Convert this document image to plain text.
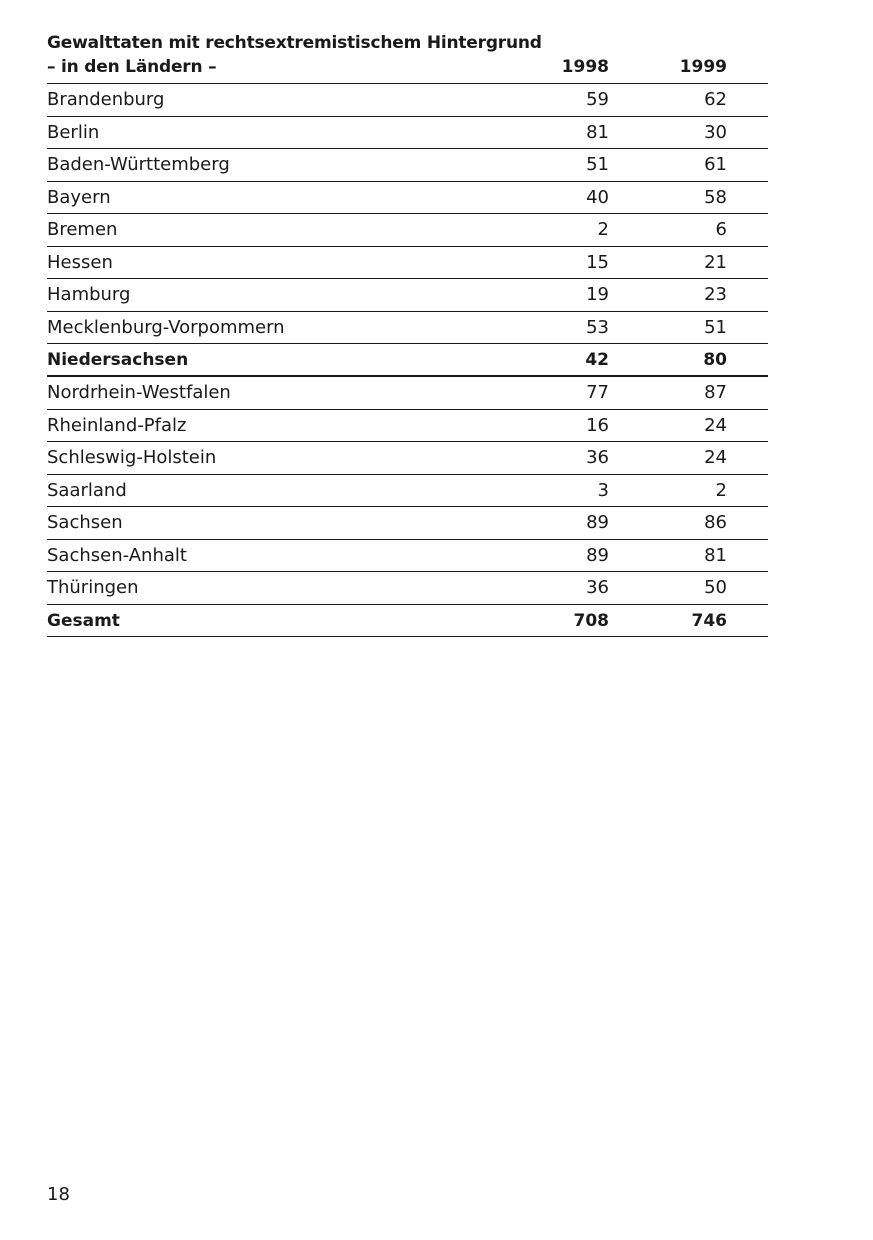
Gewalttaten mit rechtsextremistischem Hintergrund
– in den Ländern –	1998	1999
Brandenburg	59	62
Berlin	81	30
Baden-Württemberg	51	61
Bayern	40	58
Bremen	2	6
Hessen	15	21
Hamburg	19	23
Mecklenburg-Vorpommern	53	51
Niedersachsen	42	80
Nordrhein-Westfalen	77	87
Rheinland-Pfalz	16	24
Schleswig-Holstein	36	24
Saarland	3	2
Sachsen	89	86
Sachsen-Anhalt	89	81
Thüringen	36	50
Gesamt	708	746
18
